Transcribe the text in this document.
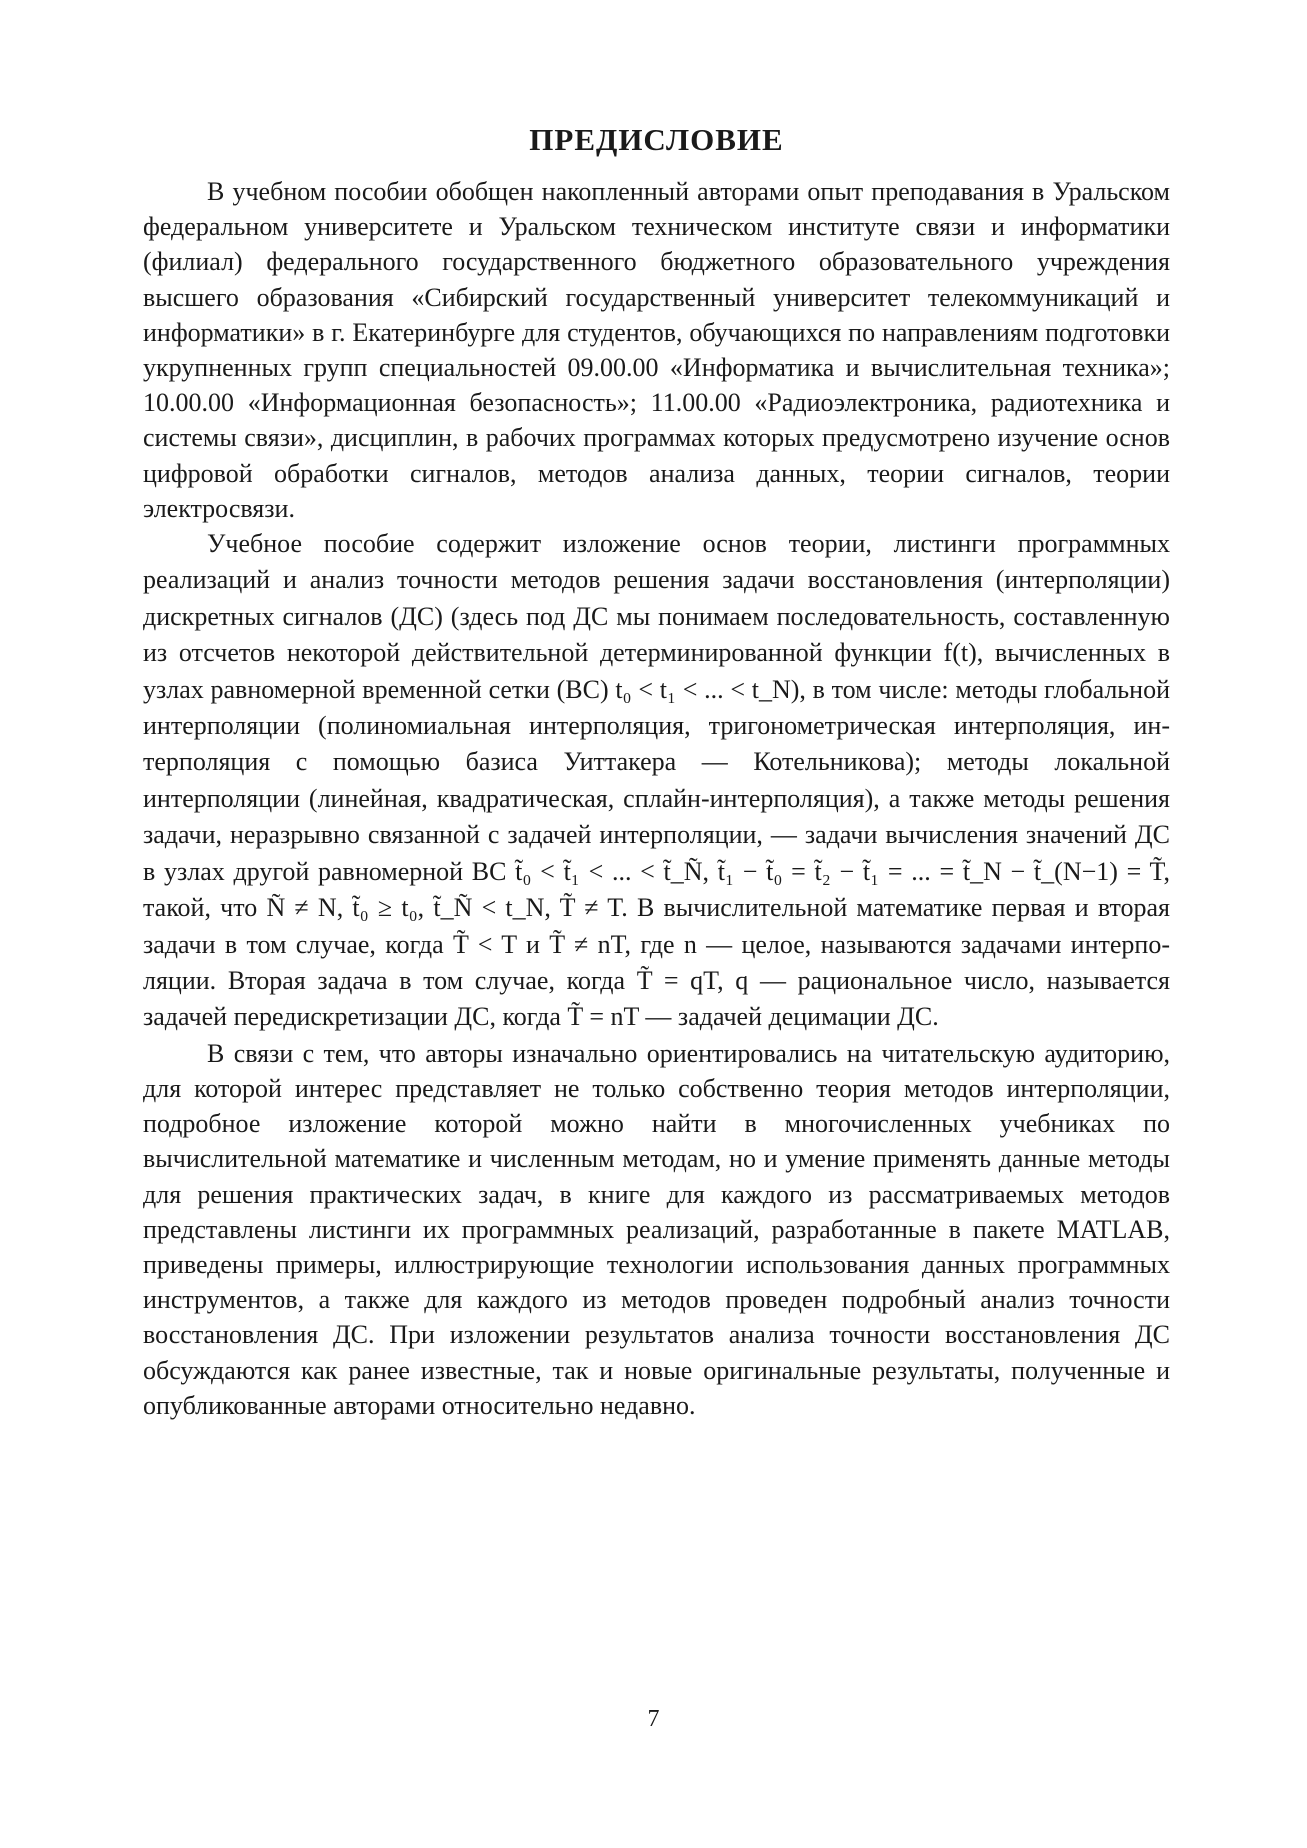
ПРЕДИСЛОВИЕ

В учебном пособии обобщен накопленный авторами опыт преподавания в Уральском федеральном университете и Уральском техническом институте связи и информатики (филиал) федерального государственного бюджетного образовательного учреждения высшего образования «Сибирский государственный университет телекоммуникаций и информатики» в г. Екатеринбурге для студентов, обучающихся по направлениям подготовки укрупненных групп специальностей 09.00.00 «Информатика и вычислительная техника»; 10.00.00 «Информационная безопасность»; 11.00.00 «Радиоэлектроника, радиотехника и системы связи», дисциплин, в рабочих программах которых предусмотрено изучение основ цифровой обработки сигналов, методов анализа данных, теории сигналов, теории электросвязи.

Учебное пособие содержит изложение основ теории, листинги программных реализаций и анализ точности методов решения задачи восстановления (интерполяции) дискретных сигналов (ДС) (здесь под ДС мы понимаем последовательность, составленную из отсчетов некоторой действительной детерминированной функции f(t), вычисленных в узлах равномерной временной сетки (ВС) t₀ < t₁ < ... < t_N), в том числе: методы глобальной интерполяции (полиномиальная интерполяция, тригонометрическая интерполяция, интерполяция с помощью базиса Уиттакера — Котельникова); методы локальной интерполяции (линейная, квадратическая, сплайн-интерполяция), а также методы решения задачи, неразрывно связанной с задачей интерполяции, — задачи вычисления значений ДС в узлах другой равномерной ВС t̃₀ < t̃₁ < ... < t̃_Ñ, t̃₁ − t̃₀ = t̃₂ − t̃₁ = ... = t̃_N − t̃_(N−1) = T̃, такой, что Ñ ≠ N, t̃₀ ≥ t₀, t̃_Ñ < t_N, T̃ ≠ T. В вычислительной математике первая и вторая задачи в том случае, когда T̃ < T и T̃ ≠ nT, где n — целое, называются задачами интерполяции. Вторая задача в том случае, когда T̃ = qT, q — рациональное число, называется задачей передискретизации ДС, когда T̃ = nT — задачей децимации ДС.

В связи с тем, что авторы изначально ориентировались на читательскую аудиторию, для которой интерес представляет не только собственно теория методов интерполяции, подробное изложение которой можно найти в многочисленных учебниках по вычислительной математике и численным методам, но и умение применять данные методы для решения практических задач, в книге для каждого из рассматриваемых методов представлены листинги их программных реализаций, разработанные в пакете MATLAB, приведены примеры, иллюстрирующие технологии использования данных программных инструментов, а также для каждого из методов проведен подробный анализ точности восстановления ДС. При изложении результатов анализа точности восстановления ДС обсуждаются как ранее известные, так и новые оригинальные результаты, полученные и опубликованные авторами относительно недавно.

7
